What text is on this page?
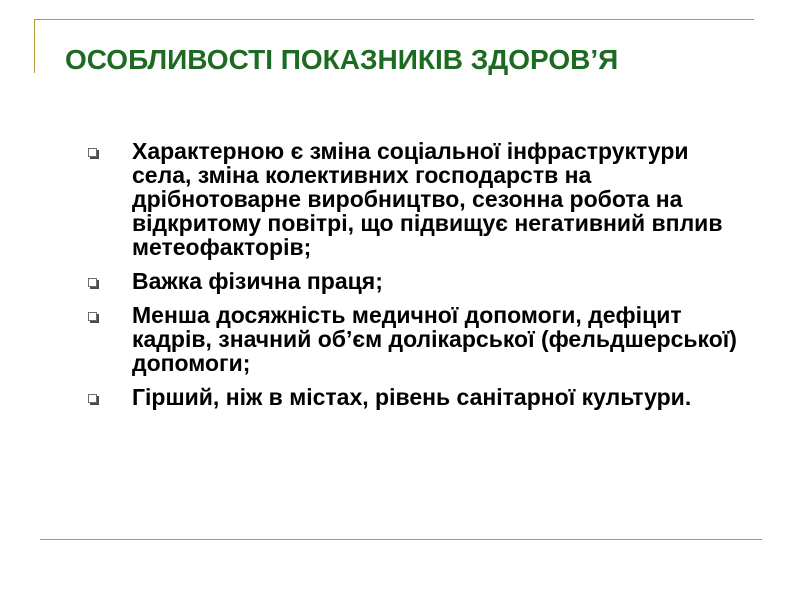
ОСОБЛИВОСТІ ПОКАЗНИКІВ ЗДОРОВ’Я
Характерною є зміна соціальної інфраструктури села, зміна колективних господарств на дрібнотоварне виробництво, сезонна робота на відкритому повітрі, що підвищує негативний вплив метеофакторів;
Важка фізична праця;
Менша досяжність медичної допомоги, дефіцит кадрів, значний об’єм долікарської (фельдшерської) допомоги;
Гірший, ніж в містах, рівень санітарної культури.
